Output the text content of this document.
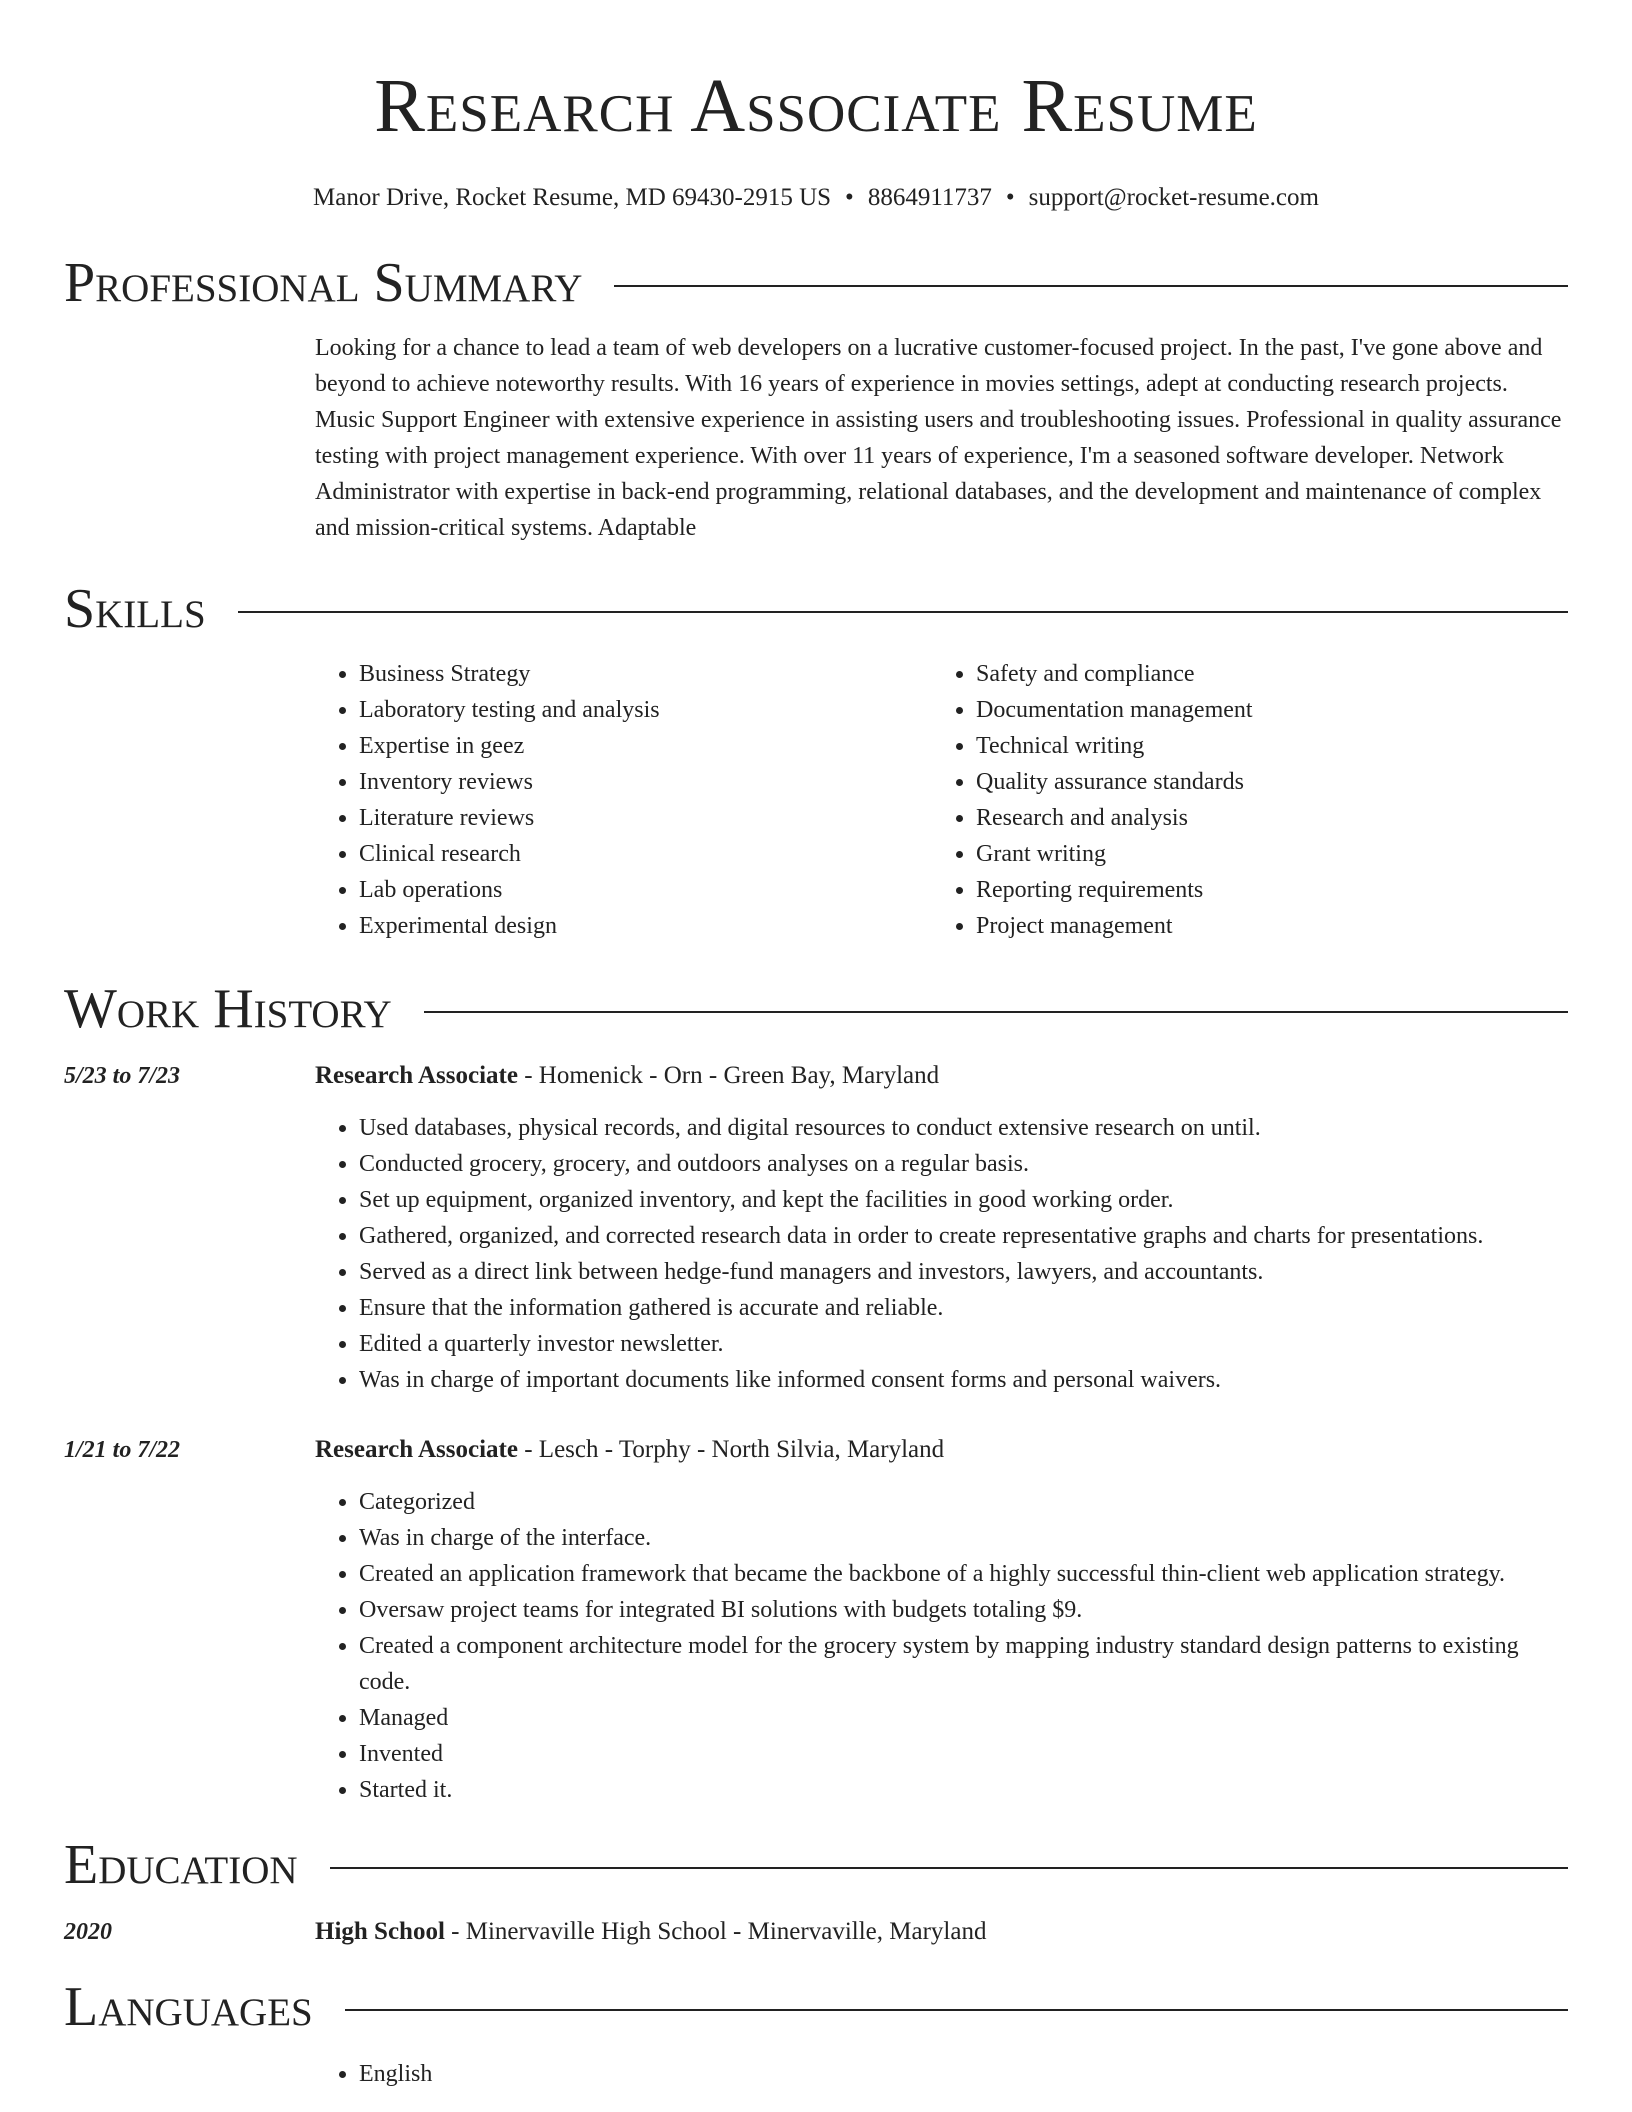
Research Associate Resume
Manor Drive, Rocket Resume, MD 69430-2915 US • 8864911737 • support@rocket-resume.com
Professional Summary

Looking for a chance to lead a team of web developers on a lucrative customer-focused project. In the past, I've gone above and beyond to achieve noteworthy results. With 16 years of experience in movies settings, adept at conducting research projects. Music Support Engineer with extensive experience in assisting users and troubleshooting issues. Professional in quality assurance testing with project management experience. With over 11 years of experience, I'm a seasoned software developer. Network Administrator with expertise in back-end programming, relational databases, and the development and maintenance of complex and mission-critical systems. Adaptable

Skills
• Business Strategy
• Laboratory testing and analysis
• Expertise in geez
• Inventory reviews
• Literature reviews
• Clinical research
• Lab operations
• Experimental design
• Safety and compliance
• Documentation management
• Technical writing
• Quality assurance standards
• Research and analysis
• Grant writing
• Reporting requirements
• Project management
Work History
5/23 to 7/23	Research Associate - Homenick - Orn - Green Bay, Maryland
• Used databases, physical records, and digital resources to conduct extensive research on until.
• Conducted grocery, grocery, and outdoors analyses on a regular basis.
• Set up equipment, organized inventory, and kept the facilities in good working order.
• Gathered, organized, and corrected research data in order to create representative graphs and charts for presentations.
• Served as a direct link between hedge-fund managers and investors, lawyers, and accountants.
• Ensure that the information gathered is accurate and reliable.
• Edited a quarterly investor newsletter.
• Was in charge of important documents like informed consent forms and personal waivers.
1/21 to 7/22	Research Associate - Lesch - Torphy - North Silvia, Maryland
• Categorized
• Was in charge of the interface.
• Created an application framework that became the backbone of a highly successful thin-client web application strategy.
• Oversaw project teams for integrated BI solutions with budgets totaling $9.
• Created a component architecture model for the grocery system by mapping industry standard design patterns to existing code.
• Managed
• Invented
• Started it.
Education
2020	High School - Minervaville High School - Minervaville, Maryland
Languages
• English
